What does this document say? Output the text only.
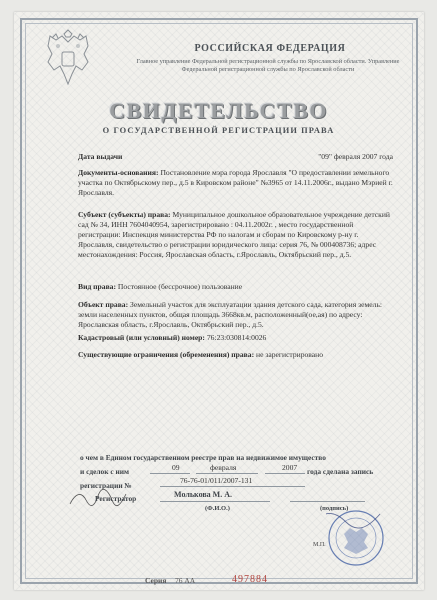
РОССИЙСКАЯ ФЕДЕРАЦИЯ
Главное управление Федеральной регистрационной службы по Ярославской области. Управление Федеральной регистрационной службы по Ярославской области
СВИДЕТЕЛЬСТВО
О ГОСУДАРСТВЕННОЙ РЕГИСТРАЦИИ ПРАВА
Дата выдачи	"09" февраля 2007 года
Документы-основания: Постановление мэра города Ярославля "О предоставлении земельного участка по Октябрьскому пер., д.5 в Кировском районе" №3965 от 14.11.2006г., выдано Мэрией г. Ярославля.
Субъект (субъекты) права: Муниципальное дошкольное образовательное учреждение детский сад № 34, ИНН 7604040954, зарегистрировано : 04.11.2002г. , место государственной регистрации: Инспекция министерства РФ по налогам и сборам по Кировскому р-ну г. Ярославля, свидетельство о регистрации юридического лица: серия 76, № 000408736; адрес местонахождения: Россия, Ярославская область, г.Ярославль, Октябрьский пер., д.5.
Вид права: Постоянное (бессрочное) пользование
Объект права: Земельный участок для эксплуатации здания детского сада, категория земель: земли населенных пунктов, общая площадь 3668кв.м, расположенный(ое,ая) по адресу: Ярославская область, г.Ярославль, Октябрьский пер., д.5.
Кадастровый (или условный) номер: 76:23:030814:0026
Существующие ограничения (обременения) права: не зарегистрировано
о чем в Едином государственном реестре прав на недвижимое имущество
и сделок с ним	09	февраля	2007 года сделана запись
регистрации №
76-76-01/011/2007-131
Регистратор	Молькова М. А.
(Ф.И.О.)	(подпись)
М.П.
Серия 76 АА	497884
